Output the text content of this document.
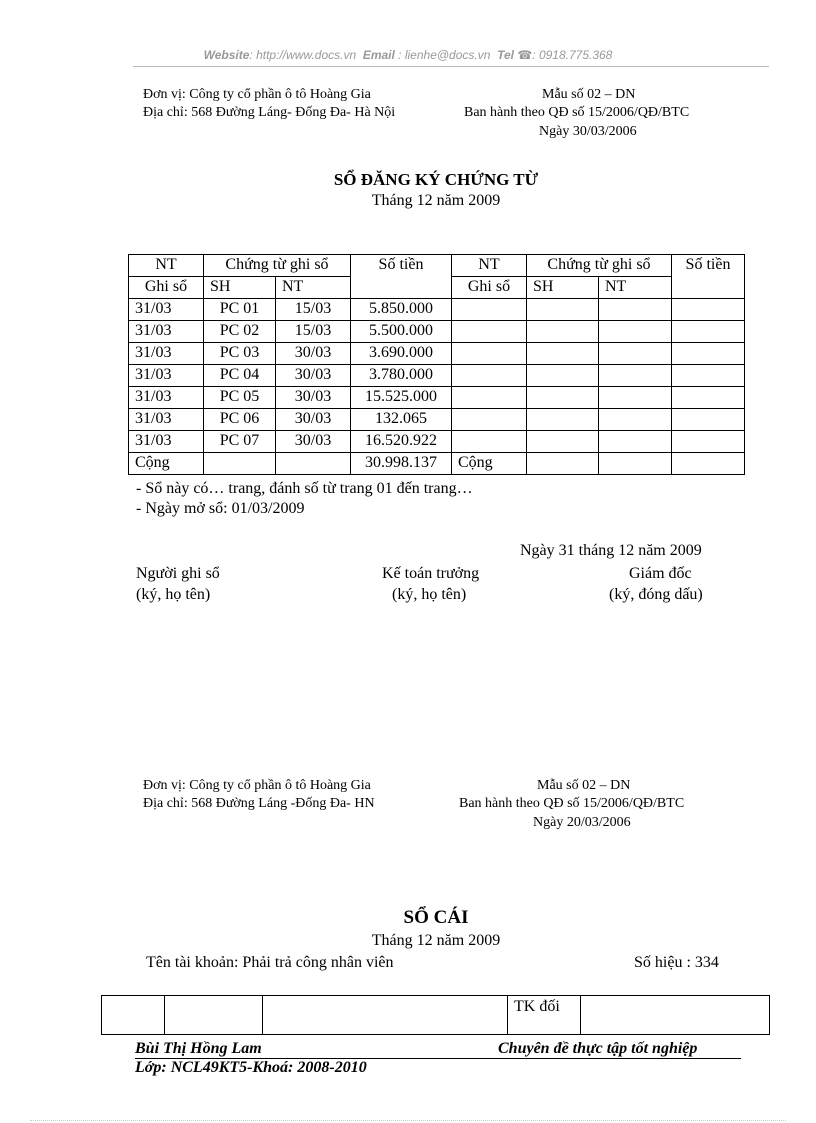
Website: http://www.docs.vn Email : lienhe@docs.vn Tel ☎: 0918.775.368
Đơn vị: Công ty cổ phần ô tô Hoàng Gia
Địa chỉ: 568 Đường Láng- Đống Đa- Hà Nội
Mẫu số 02 – DN
Ban hành theo QĐ số 15/2006/QĐ/BTC
Ngày 30/03/2006
SỔ ĐĂNG KÝ CHỨNG TỪ
Tháng 12 năm 2009
NT	Chứng từ ghi sổ		Số tiền	NT	Chứng từ ghi sổ		Số tiền
Ghi sổ	SH	NT		Ghi sổ	SH	NT	
31/03	PC 01	15/03	5.850.000				
31/03	PC 02	15/03	5.500.000				
31/03	PC 03	30/03	3.690.000				
31/03	PC 04	30/03	3.780.000				
31/03	PC 05	30/03	15.525.000				
31/03	PC 06	30/03	132.065				
31/03	PC 07	30/03	16.520.922				
Cộng			30.998.137	Cộng			
- Sổ này có… trang, đánh số từ trang 01 đến trang…
- Ngày mở sổ: 01/03/2009
Ngày 31 tháng 12 năm 2009
Người ghi sổ
(ký, họ tên)
Kế toán trưởng
(ký, họ tên)
Giám đốc
(ký, đóng dấu)
Đơn vị: Công ty cổ phần ô tô Hoàng Gia
Địa chỉ: 568 Đường Láng -Đống Đa- HN
Mẫu số 02 – DN
Ban hành theo QĐ số 15/2006/QĐ/BTC
Ngày 20/03/2006
SỔ CÁI
Tháng 12 năm 2009
Tên tài khoản: Phải trả công nhân viên	Số hiệu : 334
			TK đối	
Bùi Thị Hồng Lam	Chuyên đề thực tập tốt nghiệp
Lớp: NCL49KT5-Khoá: 2008-2010
